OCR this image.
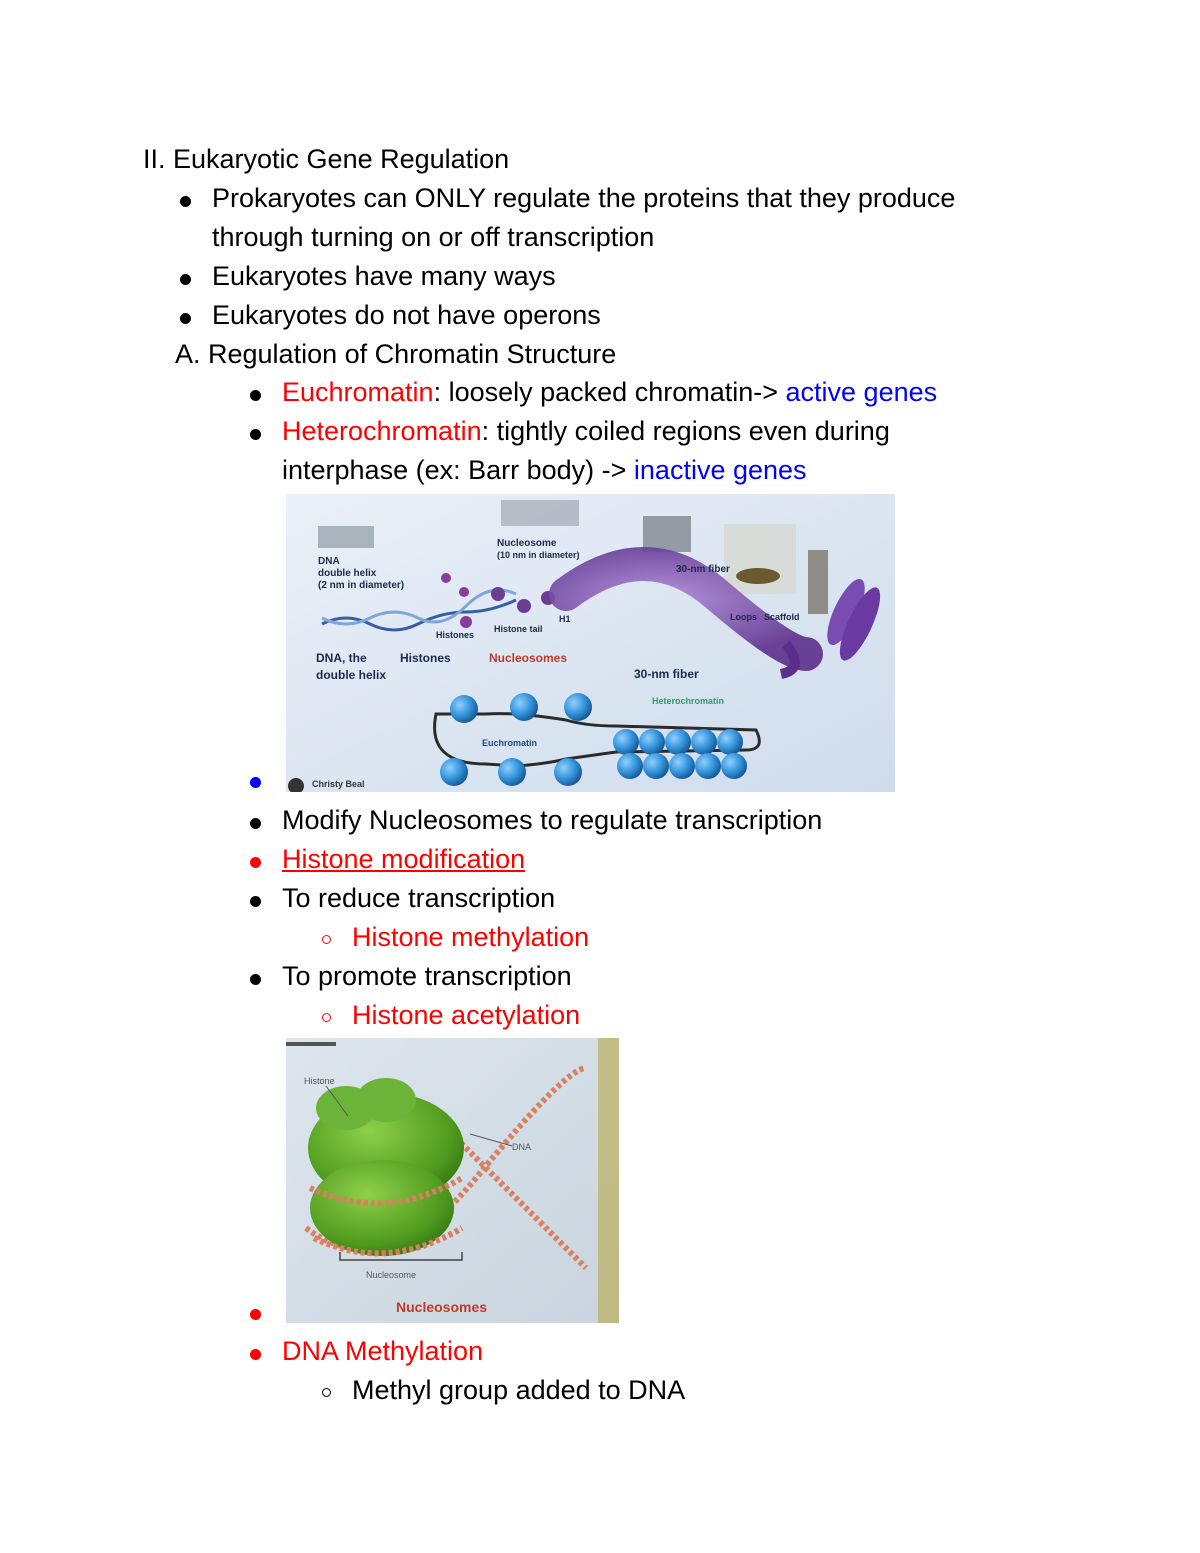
II. Eukaryotic Gene Regulation
Prokaryotes can ONLY regulate the proteins that they produce
through turning on or off transcription
Eukaryotes have many ways
Eukaryotes do not have operons
A. Regulation of Chromatin Structure
Euchromatin: loosely packed chromatin-> active genes
Heterochromatin: tightly coiled regions even during
interphase (ex: Barr body) -> inactive genes
DNA
double helix
(2 nm in diameter)
Nucleosome
(10 nm in diameter)
30-nm fiber
Histones
Histone tail
H1	Loops Scaffold
DNA, the
double helix
Histones	Nucleosomes
30-nm fiber
Heterochromatin
Euchromatin
Christy Beal
Modify Nucleosomes to regulate transcription
Histone modification
To reduce transcription
Histone methylation
To promote transcription
Histone acetylation
Histone
DNA
Nucleosome
Nucleosomes
DNA Methylation
Methyl group added to DNA
